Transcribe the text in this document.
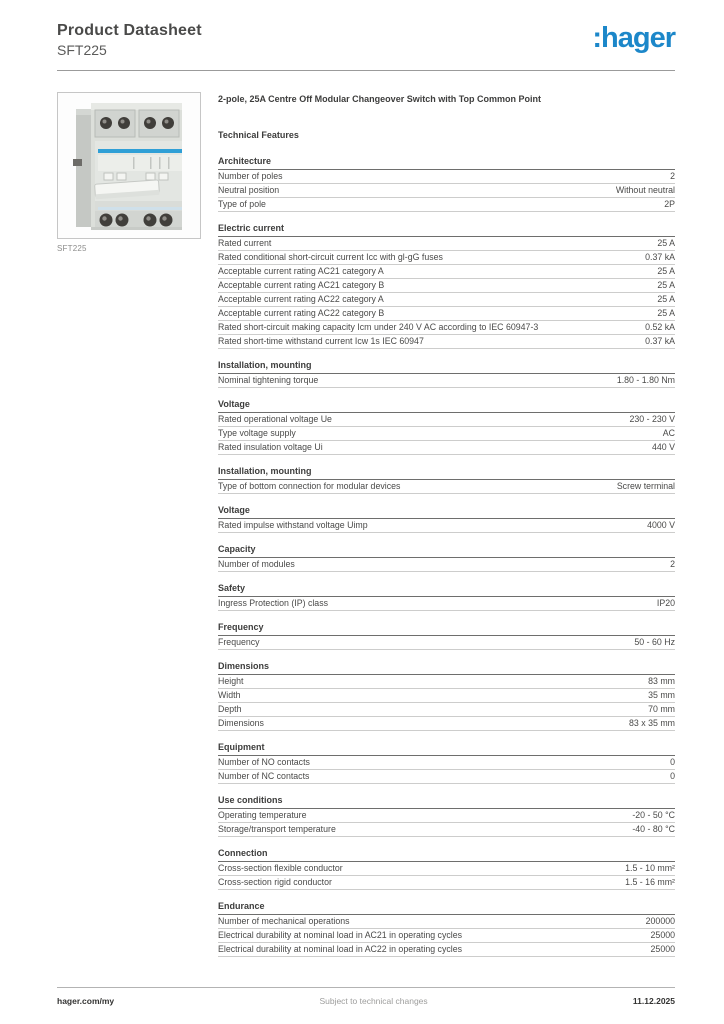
Product Datasheet
SFT225	:hager
SFT225
2-pole, 25A Centre Off Modular Changeover Switch with Top Common Point
Technical Features
Architecture
Number of poles	2
Neutral position	Without neutral
Type of pole	2P
Electric current
Rated current	25 A
Rated conditional short-circuit current Icc with gl-gG fuses	0.37 kA
Acceptable current rating AC21 category A	25 A
Acceptable current rating AC21 category B	25 A
Acceptable current rating AC22 category A	25 A
Acceptable current rating AC22 category B	25 A
Rated short-circuit making capacity Icm under 240 V AC according to IEC 60947-3	0.52 kA
Rated short-time withstand current Icw 1s IEC 60947	0.37 kA
Installation, mounting
Nominal tightening torque	1.80 - 1.80 Nm
Voltage
Rated operational voltage Ue	230 - 230 V
Type voltage supply	AC
Rated insulation voltage Ui	440 V
Installation, mounting
Type of bottom connection for modular devices	Screw terminal
Voltage
Rated impulse withstand voltage Uimp	4000 V
Capacity
Number of modules	2
Safety
Ingress Protection (IP) class	IP20
Frequency
Frequency	50 - 60 Hz
Dimensions
Height	83 mm
Width	35 mm
Depth	70 mm
Dimensions	83 x 35 mm
Equipment
Number of NO contacts	0
Number of NC contacts	0
Use conditions
Operating temperature	-20 - 50 °C
Storage/transport temperature	-40 - 80 °C
Connection
Cross-section flexible conductor	1.5 - 10 mm²
Cross-section rigid conductor	1.5 - 16 mm²
Endurance
Number of mechanical operations	200000
Electrical durability at nominal load in AC21 in operating cycles	25000
Electrical durability at nominal load in AC22 in operating cycles	25000
hager.com/my	Subject to technical changes	11.12.2025
